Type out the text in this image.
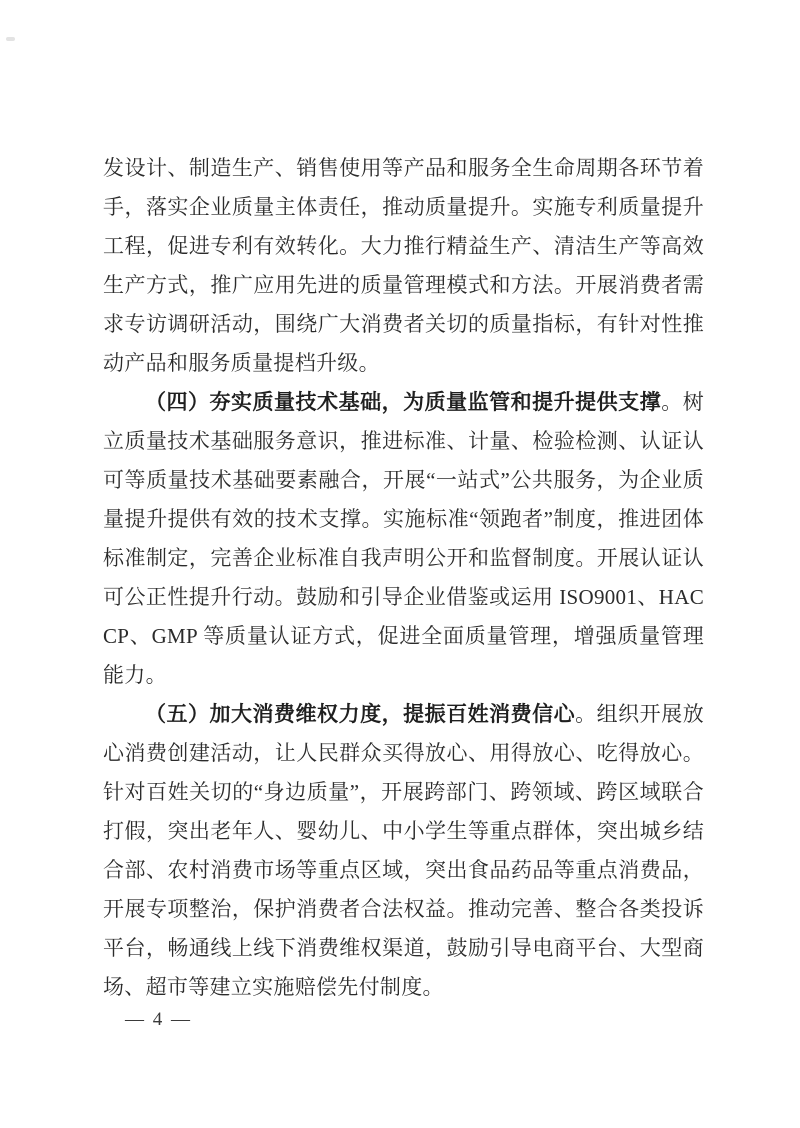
发设计、制造生产、销售使用等产品和服务全生命周期各环节着手，落实企业质量主体责任，推动质量提升。实施专利质量提升工程，促进专利有效转化。大力推行精益生产、清洁生产等高效生产方式，推广应用先进的质量管理模式和方法。开展消费者需求专访调研活动，围绕广大消费者关切的质量指标，有针对性推动产品和服务质量提档升级。

（四）夯实质量技术基础，为质量监管和提升提供支撑。树立质量技术基础服务意识，推进标准、计量、检验检测、认证认可等质量技术基础要素融合，开展“一站式”公共服务，为企业质量提升提供有效的技术支撑。实施标准“领跑者”制度，推进团体标准制定，完善企业标准自我声明公开和监督制度。开展认证认可公正性提升行动。鼓励和引导企业借鉴或运用 ISO9001、HACCP、GMP 等质量认证方式，促进全面质量管理，增强质量管理能力。

（五）加大消费维权力度，提振百姓消费信心。组织开展放心消费创建活动，让人民群众买得放心、用得放心、吃得放心。针对百姓关切的“身边质量”，开展跨部门、跨领域、跨区域联合打假，突出老年人、婴幼儿、中小学生等重点群体，突出城乡结合部、农村消费市场等重点区域，突出食品药品等重点消费品，开展专项整治，保护消费者合法权益。推动完善、整合各类投诉平台，畅通线上线下消费维权渠道，鼓励引导电商平台、大型商场、超市等建立实施赔偿先付制度。

— 4 —
